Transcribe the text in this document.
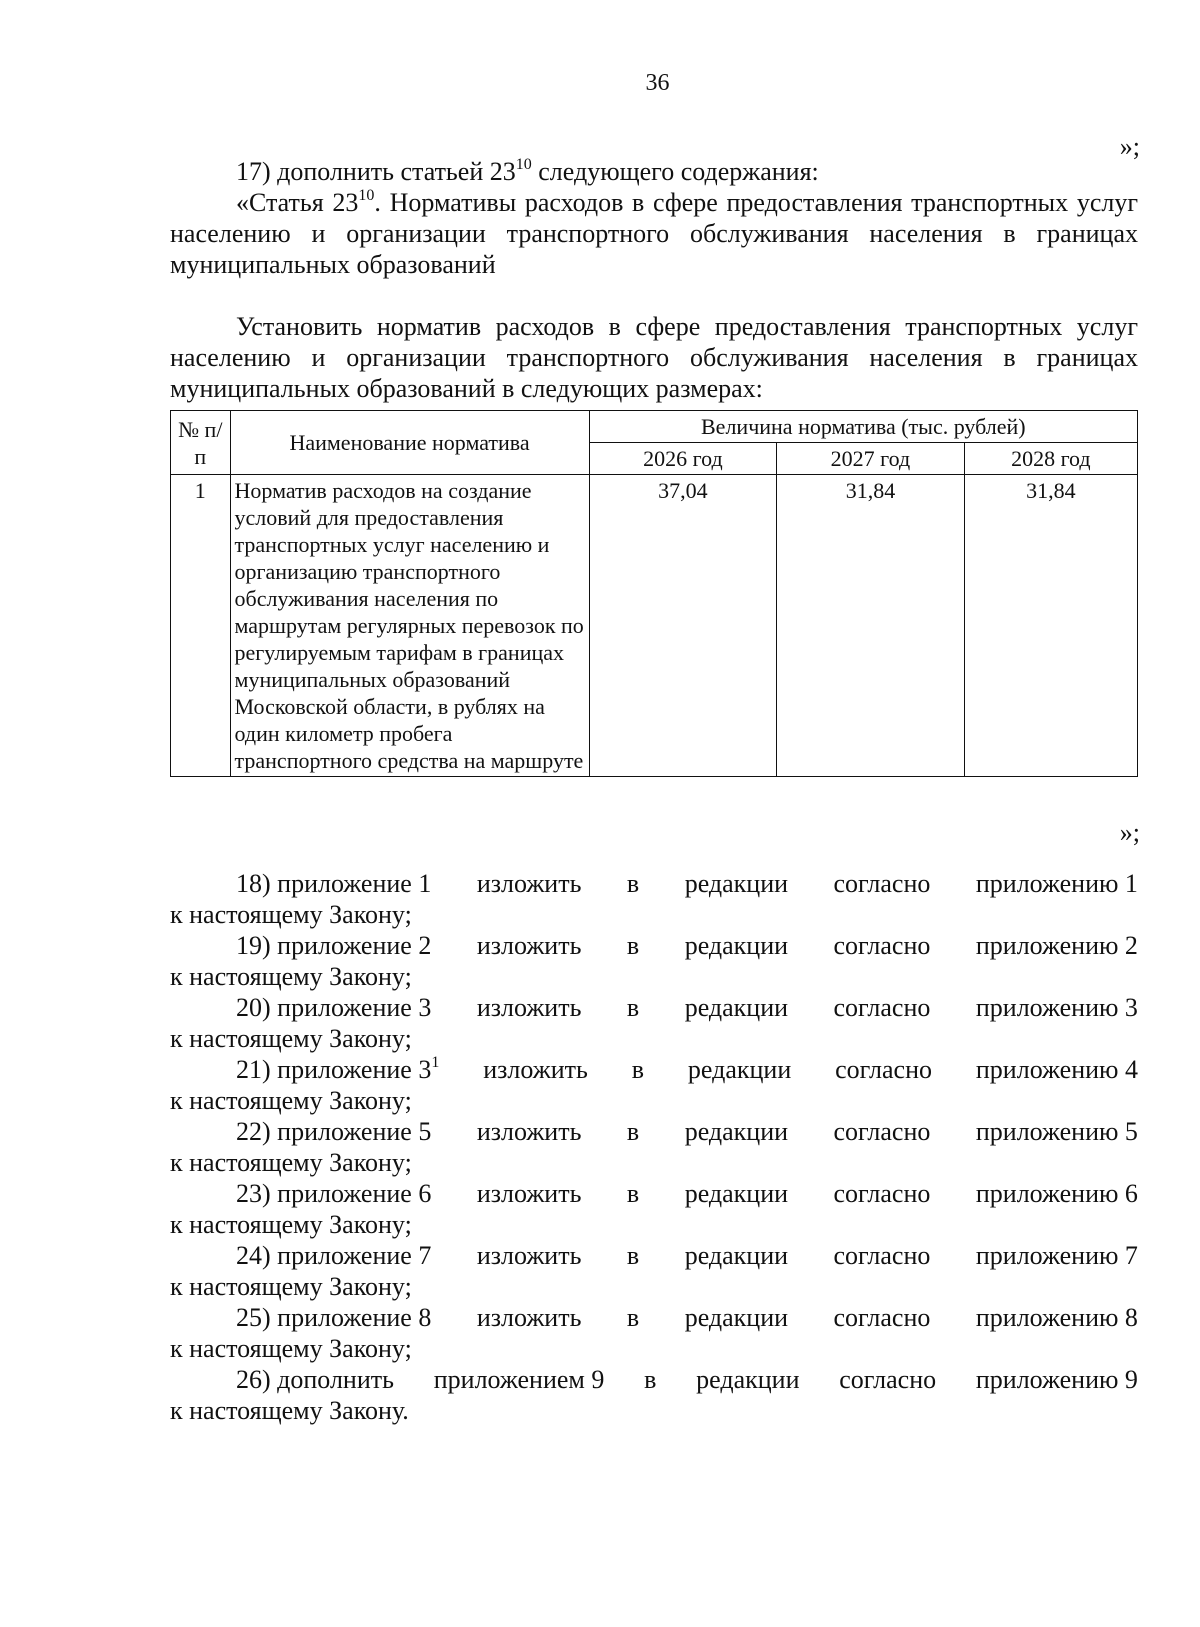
36
»;

17) дополнить статьей $23^{10}$ следующего содержания:

«Статья $23^{10}$. Нормативы расходов в сфере предоставления транспортных услуг населению и организации транспортного обслуживания населения в границах муниципальных образований

Установить норматив расходов в сфере предоставления транспортных услуг населению и организации транспортного обслуживания населения в границах муниципальных образований в следующих размерах:

№ п/п	Наименование норматива	Величина норматива (тыс. рублей)		
		2026 год	2027 год	2028 год
1	Норматив расходов на создание условий для предоставления транспортных услуг населению и организацию транспортного обслуживания населения по маршрутам регулярных перевозок по регулируемым тарифам в границах муниципальных образований Московской области, в рублях на один километр пробега транспортного средства на маршруте	37,04	31,84	31,84
»;
18) приложение 1 изложить в редакции согласно приложению 1
к настоящему Закону;
19) приложение 2 изложить в редакции согласно приложению 2
к настоящему Закону;
20) приложение 3 изложить в редакции согласно приложению 3
к настоящему Закону;
21) приложение $3^1$ изложить в редакции согласно приложению 4
к настоящему Закону;
22) приложение 5 изложить в редакции согласно приложению 5
к настоящему Закону;
23) приложение 6 изложить в редакции согласно приложению 6
к настоящему Закону;
24) приложение 7 изложить в редакции согласно приложению 7
к настоящему Закону;
25) приложение 8 изложить в редакции согласно приложению 8
к настоящему Закону;
26) дополнить приложением 9 в редакции согласно приложению 9
к настоящему Закону.
